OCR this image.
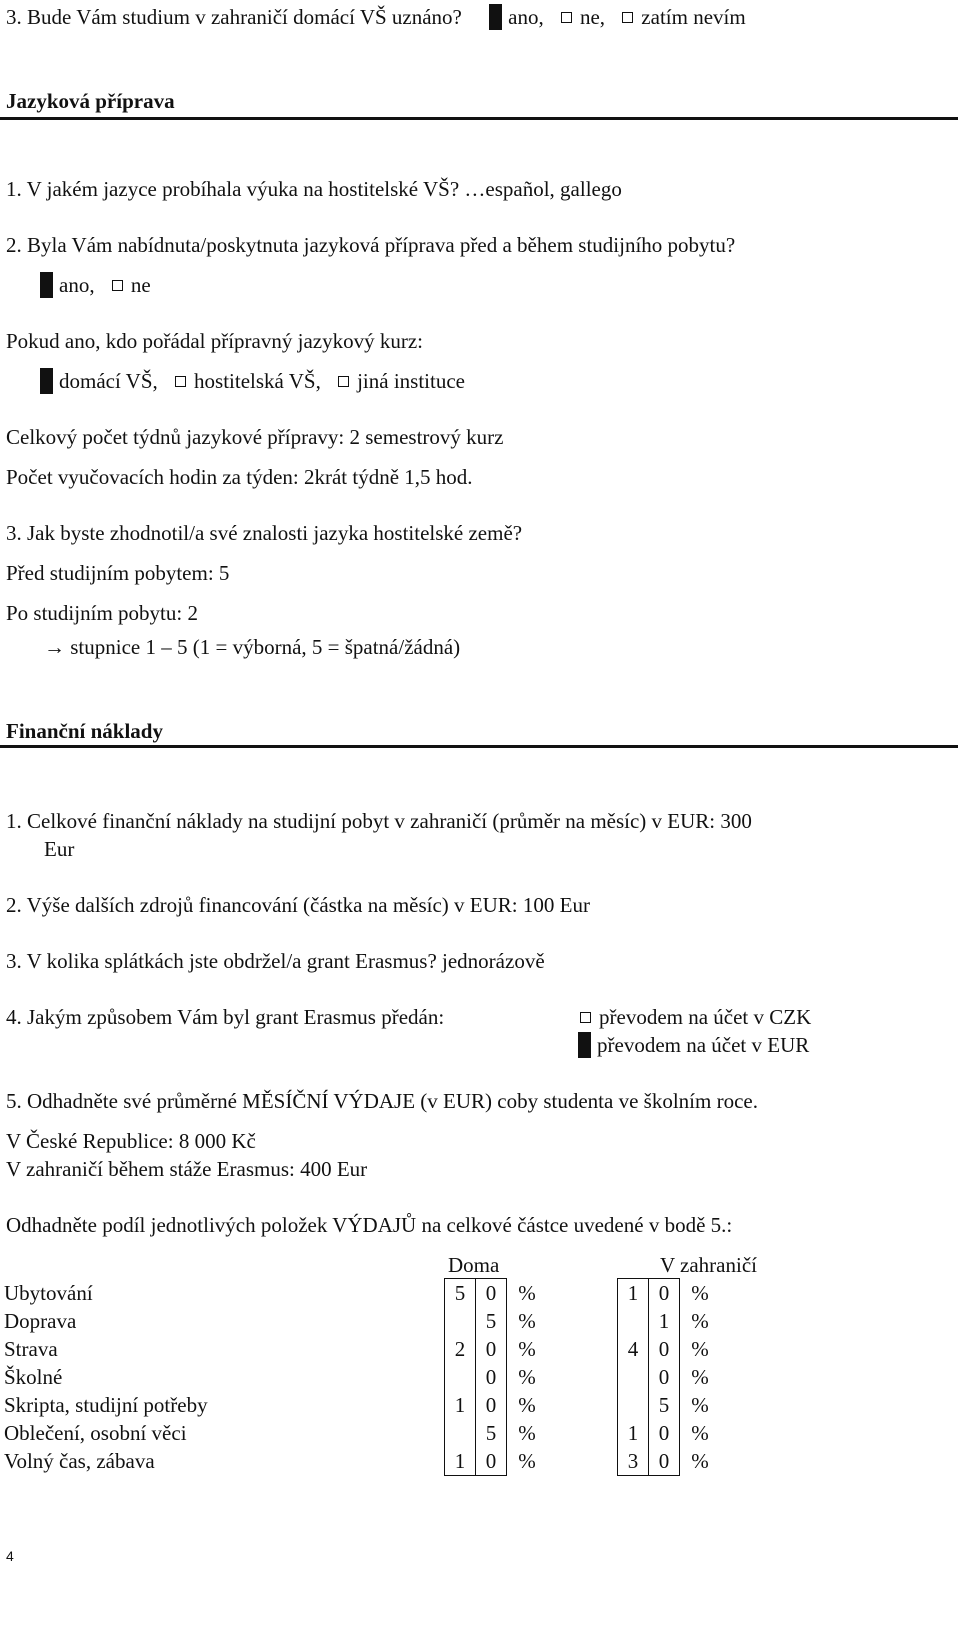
3. Bude Vám studium v zahraničí domácí VŠ uznáno? ano, ne, zatím nevím
Jazyková příprava
1. V jakém jazyce probíhala výuka na hostitelské VŠ? …español, gallego
2. Byla Vám nabídnuta/poskytnuta jazyková příprava před a během studijního pobytu?
ano, ne
Pokud ano, kdo pořádal přípravný jazykový kurz:
domácí VŠ, hostitelská VŠ, jiná instituce
Celkový počet týdnů jazykové přípravy: 2 semestrový kurz
Počet vyučovacích hodin za týden: 2krát týdně 1,5 hod.
3. Jak byste zhodnotil/a své znalosti jazyka hostitelské země?
Před studijním pobytem: 5
Po studijním pobytu: 2
→ stupnice 1 – 5 (1 = výborná, 5 = špatná/žádná)
Finanční náklady
1. Celkové finanční náklady na studijní pobyt v zahraničí (průměr na měsíc) v EUR: 300
Eur
2. Výše dalších zdrojů financování (částka na měsíc) v EUR: 100 Eur
3. V kolika splátkách jste obdržel/a grant Erasmus? jednorázově
4. Jakým způsobem Vám byl grant Erasmus předán:	převodem na účet v CZK
převodem na účet v EUR
5. Odhadněte své průměrné MĚSÍČNÍ VÝDAJE (v EUR) coby studenta ve školním roce.
V České Republice: 8 000 Kč
V zahraničí během stáže Erasmus: 400 Eur
Odhadněte podíl jednotlivých položek VÝDAJŮ na celkové částce uvedené v bodě 5.:
Doma	V zahraničí
Ubytování	5	0	%		1	0	%
Doprava		5	%			1	%
Strava	2	0	%		4	0	%
Školné		0	%			0	%
Skripta, studijní potřeby	1	0	%			5	%
Oblečení, osobní věci		5	%		1	0	%
Volný čas, zábava	1	0	%		3	0	%
4
